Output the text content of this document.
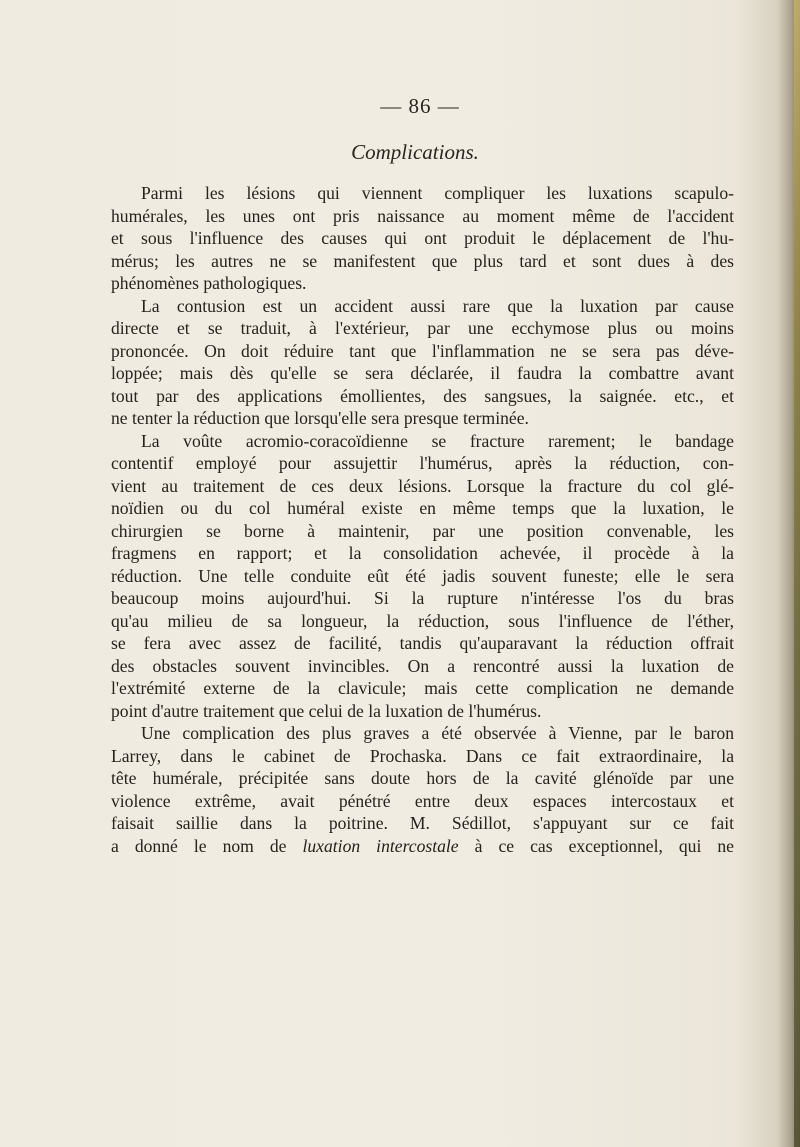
— 86 —
Complications.
Parmi les lésions qui viennent compliquer les luxations scapulo-
humérales, les unes ont pris naissance au moment même de l'accident
et sous l'influence des causes qui ont produit le déplacement de l'hu-
mérus; les autres ne se manifestent que plus tard et sont dues à des
phénomènes pathologiques.
La contusion est un accident aussi rare que la luxation par cause
directe et se traduit, à l'extérieur, par une ecchymose plus ou moins
prononcée. On doit réduire tant que l'inflammation ne se sera pas déve-
loppée; mais dès qu'elle se sera déclarée, il faudra la combattre avant
tout par des applications émollientes, des sangsues, la saignée. etc., et
ne tenter la réduction que lorsqu'elle sera presque terminée.
La voûte acromio-coracoïdienne se fracture rarement; le bandage
contentif employé pour assujettir l'humérus, après la réduction, con-
vient au traitement de ces deux lésions. Lorsque la fracture du col glé-
noïdien ou du col huméral existe en même temps que la luxation, le
chirurgien se borne à maintenir, par une position convenable, les
fragmens en rapport; et la consolidation achevée, il procède à la
réduction. Une telle conduite eût été jadis souvent funeste; elle le sera
beaucoup moins aujourd'hui. Si la rupture n'intéresse l'os du bras
qu'au milieu de sa longueur, la réduction, sous l'influence de l'éther,
se fera avec assez de facilité, tandis qu'auparavant la réduction offrait
des obstacles souvent invincibles. On a rencontré aussi la luxation de
l'extrémité externe de la clavicule; mais cette complication ne demande
point d'autre traitement que celui de la luxation de l'humérus.
Une complication des plus graves a été observée à Vienne, par le baron
Larrey, dans le cabinet de Prochaska. Dans ce fait extraordinaire, la
tête humérale, précipitée sans doute hors de la cavité glénoïde par une
violence extrême, avait pénétré entre deux espaces intercostaux et
faisait saillie dans la poitrine. M. Sédillot, s'appuyant sur ce fait
a donné le nom de luxation intercostale à ce cas exceptionnel, qui ne
